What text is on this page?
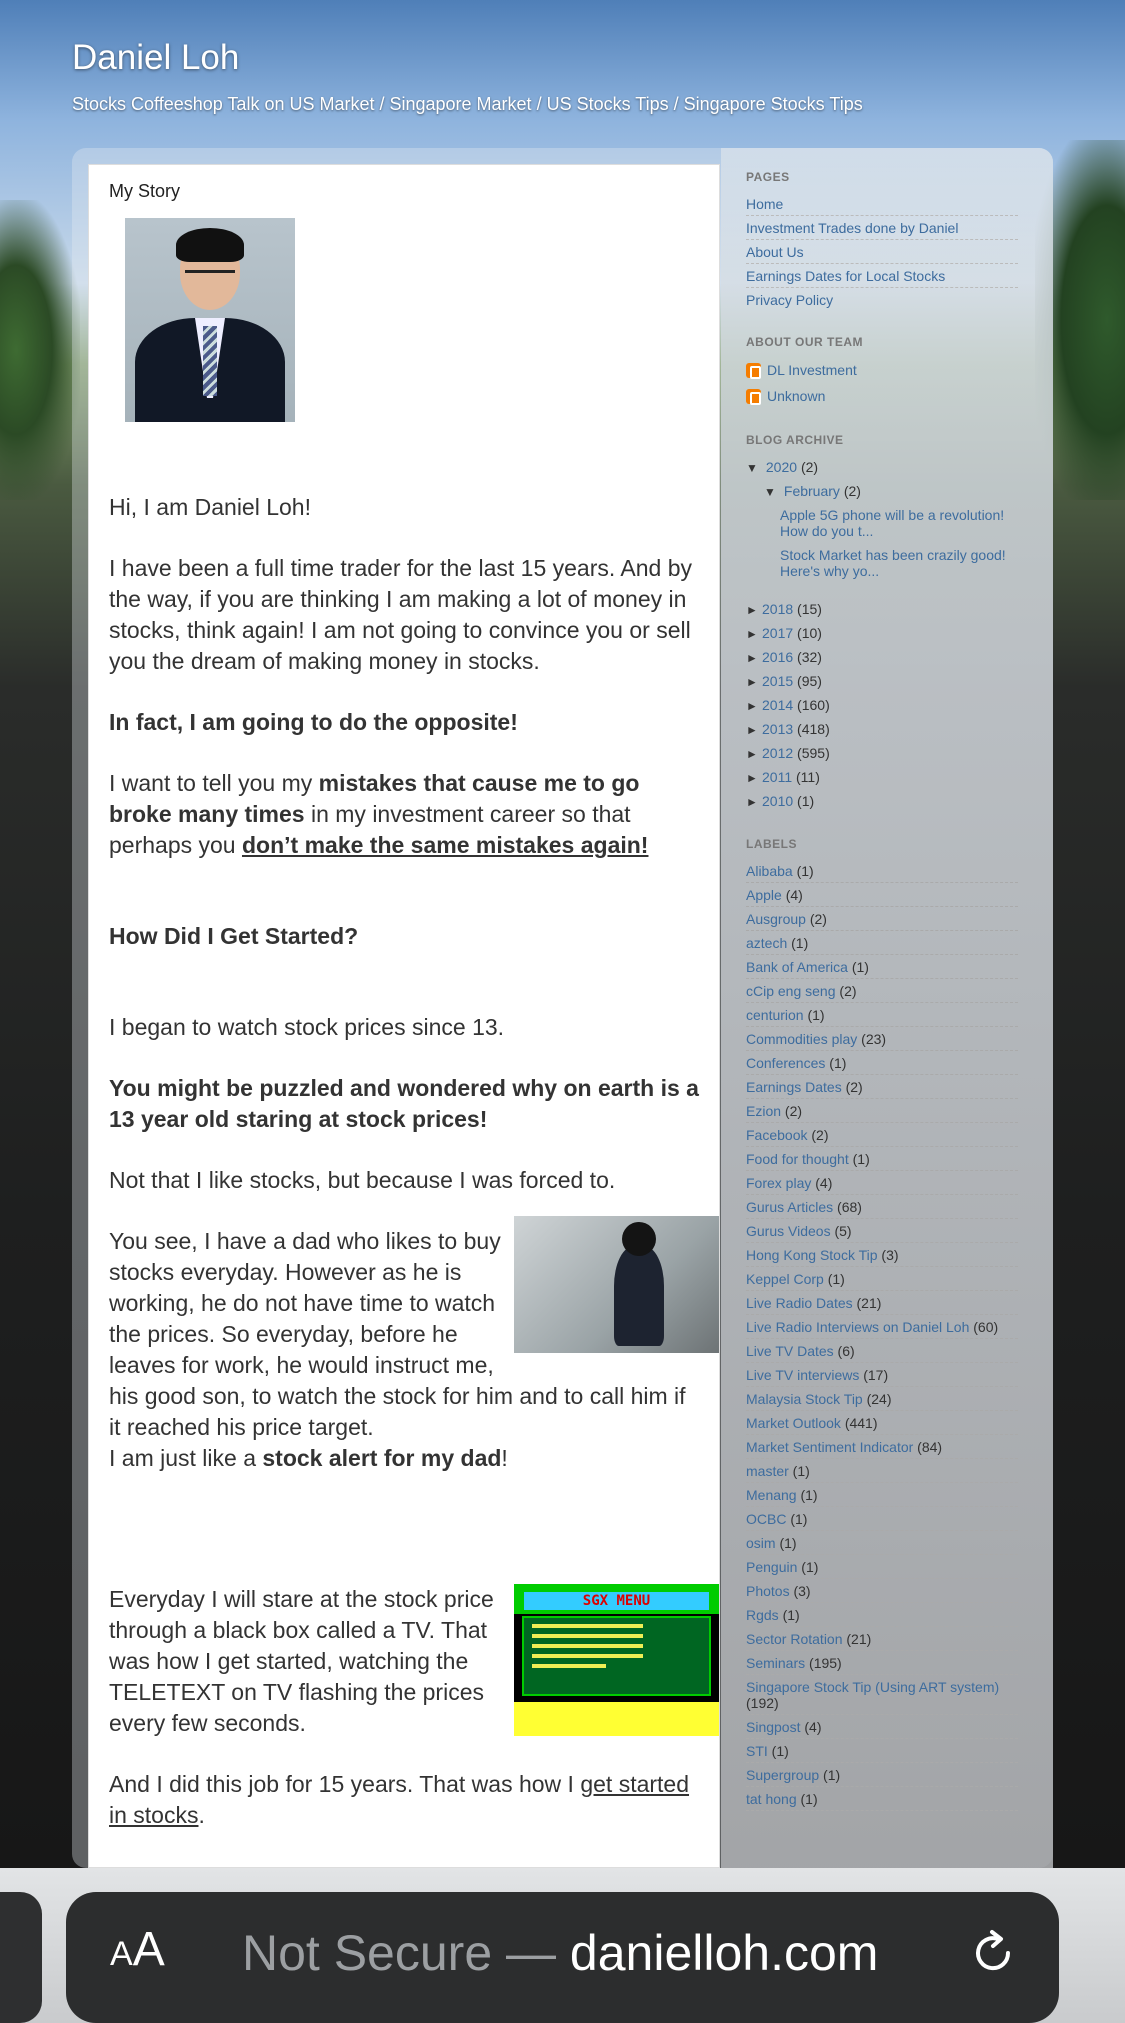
Daniel Loh
Stocks Coffeeshop Talk on US Market / Singapore Market / US Stocks Tips / Singapore Stocks Tips
My Story
Hi, I am Daniel Loh!
I have been a full time trader for the last 15 years. And by the way, if you are thinking I am making a lot of money in stocks, think again! I am not going to convince you or sell you the dream of making money in stocks.
In fact, I am going to do the opposite!
I want to tell you my mistakes that cause me to go broke many times in my investment career so that perhaps you don’t make the same mistakes again!
How Did I Get Started?
I began to watch stock prices since 13.
You might be puzzled and wondered why on earth is a 13 year old staring at stock prices!
Not that I like stocks, but because I was forced to.
You see, I have a dad who likes to buy stocks everyday. However as he is working, he do not have time to watch the prices. So everyday, before he leaves for work, he would instruct me, his good son, to watch the stock for him and to call him if it reached his price target.
I am just like a stock alert for my dad!
SGX MENU
Everyday I will stare at the stock price through a black box called a TV. That was how I get started, watching the TELETEXT on TV flashing the prices every few seconds.
And I did this job for 15 years. That was how I get started in stocks.
PAGES
Home
Investment Trades done by Daniel
About Us
Earnings Dates for Local Stocks
Privacy Policy
ABOUT OUR TEAM
DL Investment
Unknown
BLOG ARCHIVE
▼ 2020 (2)
▼ February (2)
Apple 5G phone will be a revolution! How do you t...
Stock Market has been crazily good! Here's why yo...
► 2018 (15)
► 2017 (10)
► 2016 (32)
► 2015 (95)
► 2014 (160)
► 2013 (418)
► 2012 (595)
► 2011 (11)
► 2010 (1)
LABELS
Alibaba (1)
Apple (4)
Ausgroup (2)
aztech (1)
Bank of America (1)
cCip eng seng (2)
centurion (1)
Commodities play (23)
Conferences (1)
Earnings Dates (2)
Ezion (2)
Facebook (2)
Food for thought (1)
Forex play (4)
Gurus Articles (68)
Gurus Videos (5)
Hong Kong Stock Tip (3)
Keppel Corp (1)
Live Radio Dates (21)
Live Radio Interviews on Daniel Loh (60)
Live TV Dates (6)
Live TV interviews (17)
Malaysia Stock Tip (24)
Market Outlook (441)
Market Sentiment Indicator (84)
master (1)
Menang (1)
OCBC (1)
osim (1)
Penguin (1)
Photos (3)
Rgds (1)
Sector Rotation (21)
Seminars (195)
Singapore Stock Tip (Using ART system) (192)
Singpost (4)
STI (1)
Supergroup (1)
tat hong (1)
AA Not Secure — danielloh.com
